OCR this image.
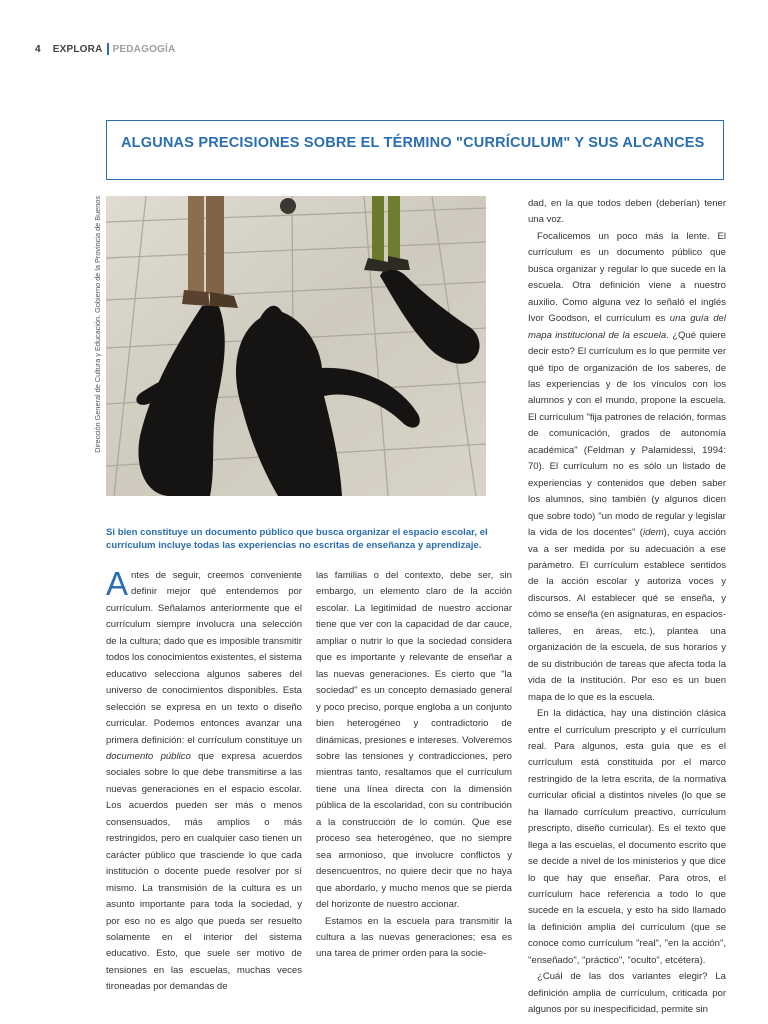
4 EXPLORA PEDAGOGÍA
ALGUNAS PRECISIONES SOBRE EL TÉRMINO "CURRÍCULUM" Y SUS ALCANCES
Dirección General de Cultura y Educación. Gobierno de la Provincia de Buenos
Si bien constituye un documento público que busca organizar el espacio escolar, el currículum incluye todas las experiencias no escritas de enseñanza y aprendizaje.

Antes de seguir, creemos conveniente definir mejor qué entendemos por currículum. Señalamos anteriormente que el currículum siempre involucra una selección de la cultura; dado que es imposible transmitir todos los conocimientos existentes, el sistema educativo selecciona algunos saberes del universo de conocimientos disponibles. Esta selección se expresa en un texto o diseño curricular. Podemos entonces avanzar una primera definición: el currículum constituye un documento público que expresa acuerdos sociales sobre lo que debe transmitirse a las nuevas generaciones en el espacio escolar. Los acuerdos pueden ser más o menos consensuados, más amplios o más restringidos, pero en cualquier caso tienen un carácter público que trasciende lo que cada institución o docente puede resolver por sí mismo. La transmisión de la cultura es un asunto importante para toda la sociedad, y por eso no es algo que pueda ser resuelto solamente en el interior del sistema educativo. Esto, que suele ser motivo de tensiones en las escuelas, muchas veces tironeadas por demandas de

las familias o del contexto, debe ser, sin embargo, un elemento claro de la acción escolar. La legitimidad de nuestro accionar tiene que ver con la capacidad de dar cauce, ampliar o nutrir lo que la sociedad considera que es importante y relevante de enseñar a las nuevas generaciones. Es cierto que "la sociedad" es un concepto demasiado general y poco preciso, porque engloba a un conjunto bien heterogéneo y contradictorio de dinámicas, presiones e intereses. Volveremos sobre las tensiones y contradicciones, pero mientras tanto, resaltamos que el currículum tiene una línea directa con la dimensión pública de la escolaridad, con su contribución a la construcción de lo común. Que ese proceso sea heterogéneo, que no siempre sea armonioso, que involucre conflictos y desencuentros, no quiere decir que no haya que abordarlo, y mucho menos que se pierda del horizonte de nuestro accionar.

Estamos en la escuela para transmitir la cultura a las nuevas generaciones; esa es una tarea de primer orden para la socie-

dad, en la que todos deben (deberían) tener una voz.

Focalicemos un poco más la lente. El currículum es un documento público que busca organizar y regular lo que sucede en la escuela. Otra definición viene a nuestro auxilio. Como alguna vez lo señaló el inglés Ivor Goodson, el currículum es una guía del mapa institucional de la escuela. ¿Qué quiere decir esto? El currículum es lo que permite ver qué tipo de organización de los saberes, de las experiencias y de los vínculos con los alumnos y con el mundo, propone la escuela. El currículum "fija patrones de relación, formas de comunicación, grados de autonomía académica" (Feldman y Palamidessi, 1994: 70). El currículum no es sólo un listado de experiencias y contenidos que deben saber los alumnos, sino también (y algunos dicen que sobre todo) "un modo de regular y legislar la vida de los docentes" (idem), cuya acción va a ser medida por su adecuación a ese parámetro. El currículum establece sentidos de la acción escolar y autoriza voces y discursos. Al establecer qué se enseña, y cómo se enseña (en asignaturas, en espacios-talleres, en áreas, etc.), plantea una organización de la escuela, de sus horarios y de su distribución de tareas que afecta toda la vida de la institución. Por eso es un buen mapa de lo que es la escuela.

En la didáctica, hay una distinción clásica entre el currículum prescripto y el currículum real. Para algunos, esta guía que es el currículum está constituida por el marco restringido de la letra escrita, de la normativa curricular oficial a distintos niveles (lo que se ha llamado currículum preactivo, currículum prescripto, diseño curricular). Es el texto que llega a las escuelas, el documento escrito que se decide a nivel de los ministerios y que dice lo que hay que enseñar. Para otros, el currículum hace referencia a todo lo que sucede en la escuela, y esto ha sido llamado la definición amplia del currículum (que se conoce como currículum "real", "en la acción", "enseñado", "práctico", "oculto", etcétera).

¿Cuál de las dos variantes elegir? La definición amplia de currículum, criticada por algunos por su inespecificidad, permite sin
